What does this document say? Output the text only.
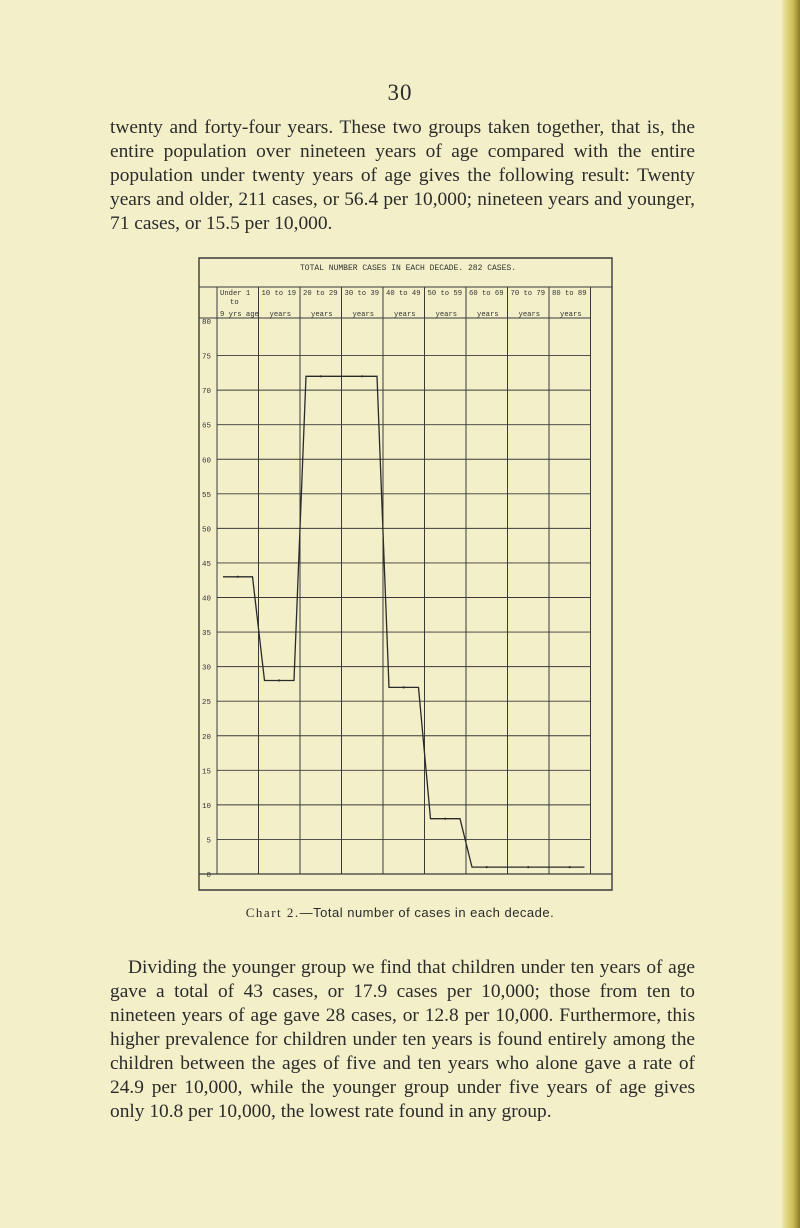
30

twenty and forty-four years. These two groups taken together, that is, the entire population over nineteen years of age compared with the entire population under twenty years of age gives the following result: Twenty years and older, 211 cases, or 56.4 per 10,000; nineteen years and younger, 71 cases, or 15.5 per 10,000.

TOTAL NUMBER CASES IN EACH DECADE. 282 CASES.
Under 1
to
9 yrs age
10 to 19
years
20 to 29
years
30 to 39
years
40 to 49
years
50 to 59
years
60 to 69
years
70 to 79
years
80 to 89
years
0
5
10
15
20
25
30
35
40
45
50
55
60
65
70
75
80
Chart 2.—Total number of cases in each decade.

Dividing the younger group we find that children under ten years of age gave a total of 43 cases, or 17.9 cases per 10,000; those from ten to nineteen years of age gave 28 cases, or 12.8 per 10,000. Furthermore, this higher prevalence for children under ten years is found entirely among the children between the ages of five and ten years who alone gave a rate of 24.9 per 10,000, while the younger group under five years of age gives only 10.8 per 10,000, the lowest rate found in any group.
